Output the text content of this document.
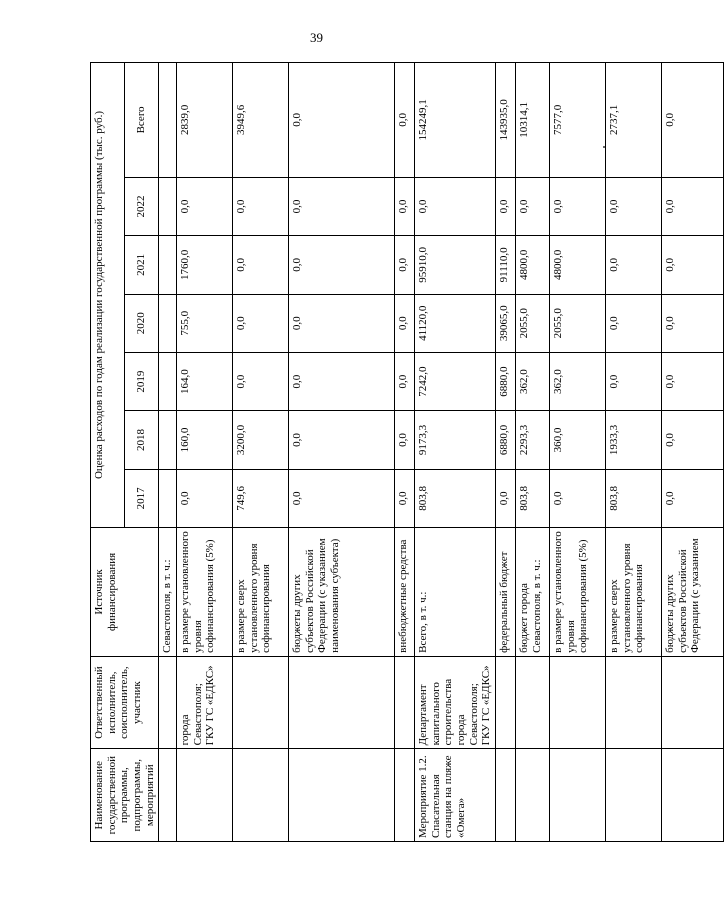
39
Наименование государственной программы, подпрограммы, мероприятий	Ответственный исполнитель, соисполнитель, участник	Источник финансирования	Оценка расходов по годам реализации государственной программы (тыс. руб.)						
			2017	2018	2019	2020	2021	2022	Всего
		Севастополя, в т. ч.:							
	города Севастополя; ГКУ ГС «ЕДКС»	в размере установленного уровня софинансирования (5%)	0,0	160,0	164,0	755,0	1760,0	0,0	2839,0
		в размере сверх установленного уровня софинансирования	749,6	3200,0	0,0	0,0	0,0	0,0	3949,6
		бюджеты других субъектов Российской Федерации (с указанием наименования субъекта)	0,0	0,0	0,0	0,0	0,0	0,0	0,0
		внебюджетные средства	0,0	0,0	0,0	0,0	0,0	0,0	0,0
Мероприятие 1.2. Спасательная станция на пляже «Омега»	Департамент капитального строительства города Севастополя; ГКУ ГС «ЕДКС»	Всего, в т. ч.:	803,8	9173,3	7242,0	41120,0	95910,0	0,0	154249,1
		федеральный бюджет	0,0	6880,0	6880,0	39065,0	91110,0	0,0	143935,0
		бюджет города Севастополя, в т. ч.:	803,8	2293,3	362,0	2055,0	4800,0	0,0	10314,1
		в размере установленного уровня софинансирования (5%)	0,0	360,0	362,0	2055,0	4800,0	0,0	7577,0
		в размере сверх установленного уровня софинансирования	803,8	1933,3	0,0	0,0	0,0	0,0	2737,1
		бюджеты других субъектов Российской Федерации (с указанием	0,0	0,0	0,0	0,0	0,0	0,0	0,0
